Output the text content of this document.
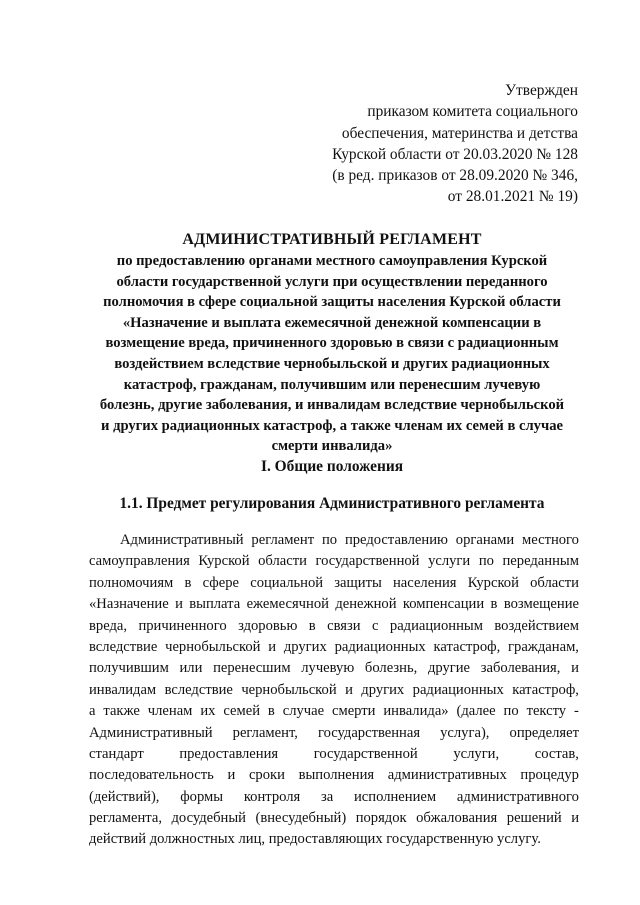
Утвержден
приказом комитета социального
обеспечения, материнства и детства
Курской области от 20.03.2020 № 128
(в ред. приказов от 28.09.2020 № 346,
от 28.01.2021 № 19)
АДМИНИСТРАТИВНЫЙ РЕГЛАМЕНТ
по предоставлению органами местного самоуправления Курской
области государственной услуги при осуществлении переданного
полномочия в сфере социальной защиты населения Курской области
«Назначение и выплата ежемесячной денежной компенсации в
возмещение вреда, причиненного здоровью в связи с радиационным
воздействием вследствие чернобыльской и других радиационных
катастроф, гражданам, получившим или перенесшим лучевую
болезнь, другие заболевания, и инвалидам вследствие чернобыльской
и других радиационных катастроф, а также членам их семей в случае
смерти инвалида»
I. Общие положения
1.1. Предмет регулирования Административного регламента
Административный регламент по предоставлению органами местного
самоуправления Курской области государственной услуги по переданным
полномочиям в сфере социальной защиты населения Курской области
«Назначение и выплата ежемесячной денежной компенсации в возмещение
вреда, причиненного здоровью в связи с радиационным воздействием
вследствие чернобыльской и других радиационных катастроф, гражданам,
получившим или перенесшим лучевую болезнь, другие заболевания, и
инвалидам вследствие чернобыльской и других радиационных катастроф,
а также членам их семей в случае смерти инвалида» (далее по тексту -
Административный регламент, государственная услуга), определяет
стандарт предоставления государственной услуги, состав,
последовательность и сроки выполнения административных процедур
(действий), формы контроля за исполнением административного
регламента, досудебный (внесудебный) порядок обжалования решений и
действий должностных лиц, предоставляющих государственную услугу.
